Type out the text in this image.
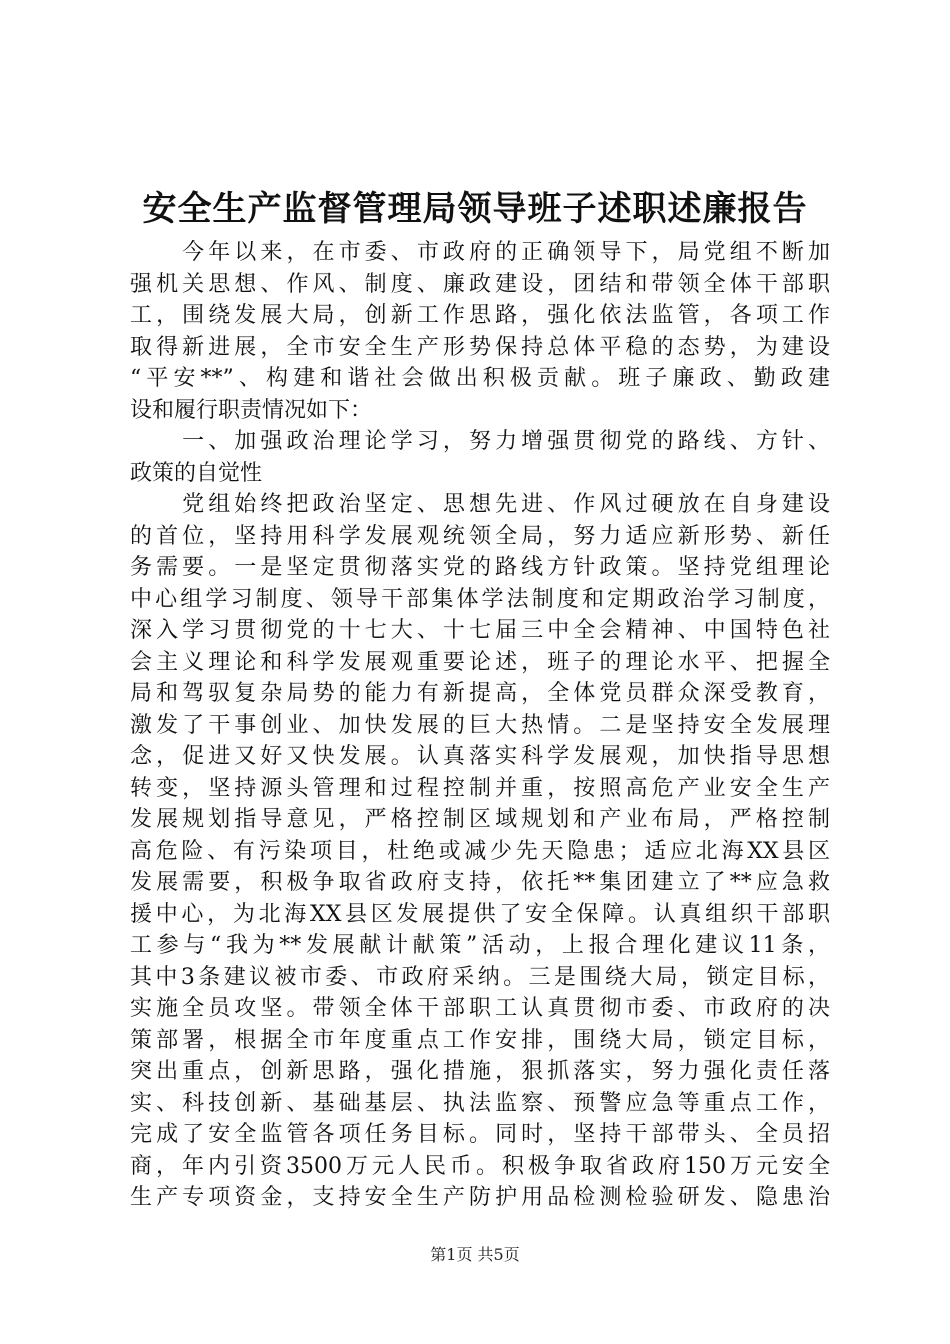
安全生产监督管理局领导班子述职述廉报告
　　今年以来，在市委、市政府的正确领导下，局党组不断加
强机关思想、作风、制度、廉政建设，团结和带领全体干部职
工，围绕发展大局，创新工作思路，强化依法监管，各项工作
取得新进展，全市安全生产形势保持总体平稳的态势，为建设
“平安**”、构建和谐社会做出积极贡献。班子廉政、勤政建
设和履行职责情况如下：
　　一、加强政治理论学习，努力增强贯彻党的路线、方针、
政策的自觉性
　　党组始终把政治坚定、思想先进、作风过硬放在自身建设
的首位，坚持用科学发展观统领全局，努力适应新形势、新任
务需要。一是坚定贯彻落实党的路线方针政策。坚持党组理论
中心组学习制度、领导干部集体学法制度和定期政治学习制度，
深入学习贯彻党的十七大、十七届三中全会精神、中国特色社
会主义理论和科学发展观重要论述，班子的理论水平、把握全
局和驾驭复杂局势的能力有新提高，全体党员群众深受教育，
激发了干事创业、加快发展的巨大热情。二是坚持安全发展理
念，促进又好又快发展。认真落实科学发展观，加快指导思想
转变，坚持源头管理和过程控制并重，按照高危产业安全生产
发展规划指导意见，严格控制区域规划和产业布局，严格控制
高危险、有污染项目，杜绝或减少先天隐患；适应北海XX县区
发展需要，积极争取省政府支持，依托**集团建立了**应急救
援中心，为北海XX县区发展提供了安全保障。认真组织干部职
工参与“我为**发展献计献策”活动，上报合理化建议11条，
其中3条建议被市委、市政府采纳。三是围绕大局，锁定目标，
实施全员攻坚。带领全体干部职工认真贯彻市委、市政府的决
策部署，根据全市年度重点工作安排，围绕大局，锁定目标，
突出重点，创新思路，强化措施，狠抓落实，努力强化责任落
实、科技创新、基础基层、执法监察、预警应急等重点工作，
完成了安全监管各项任务目标。同时，坚持干部带头、全员招
商，年内引资3500万元人民币。积极争取省政府150万元安全
生产专项资金，支持安全生产防护用品检测检验研发、隐患治
第1页 共5页
